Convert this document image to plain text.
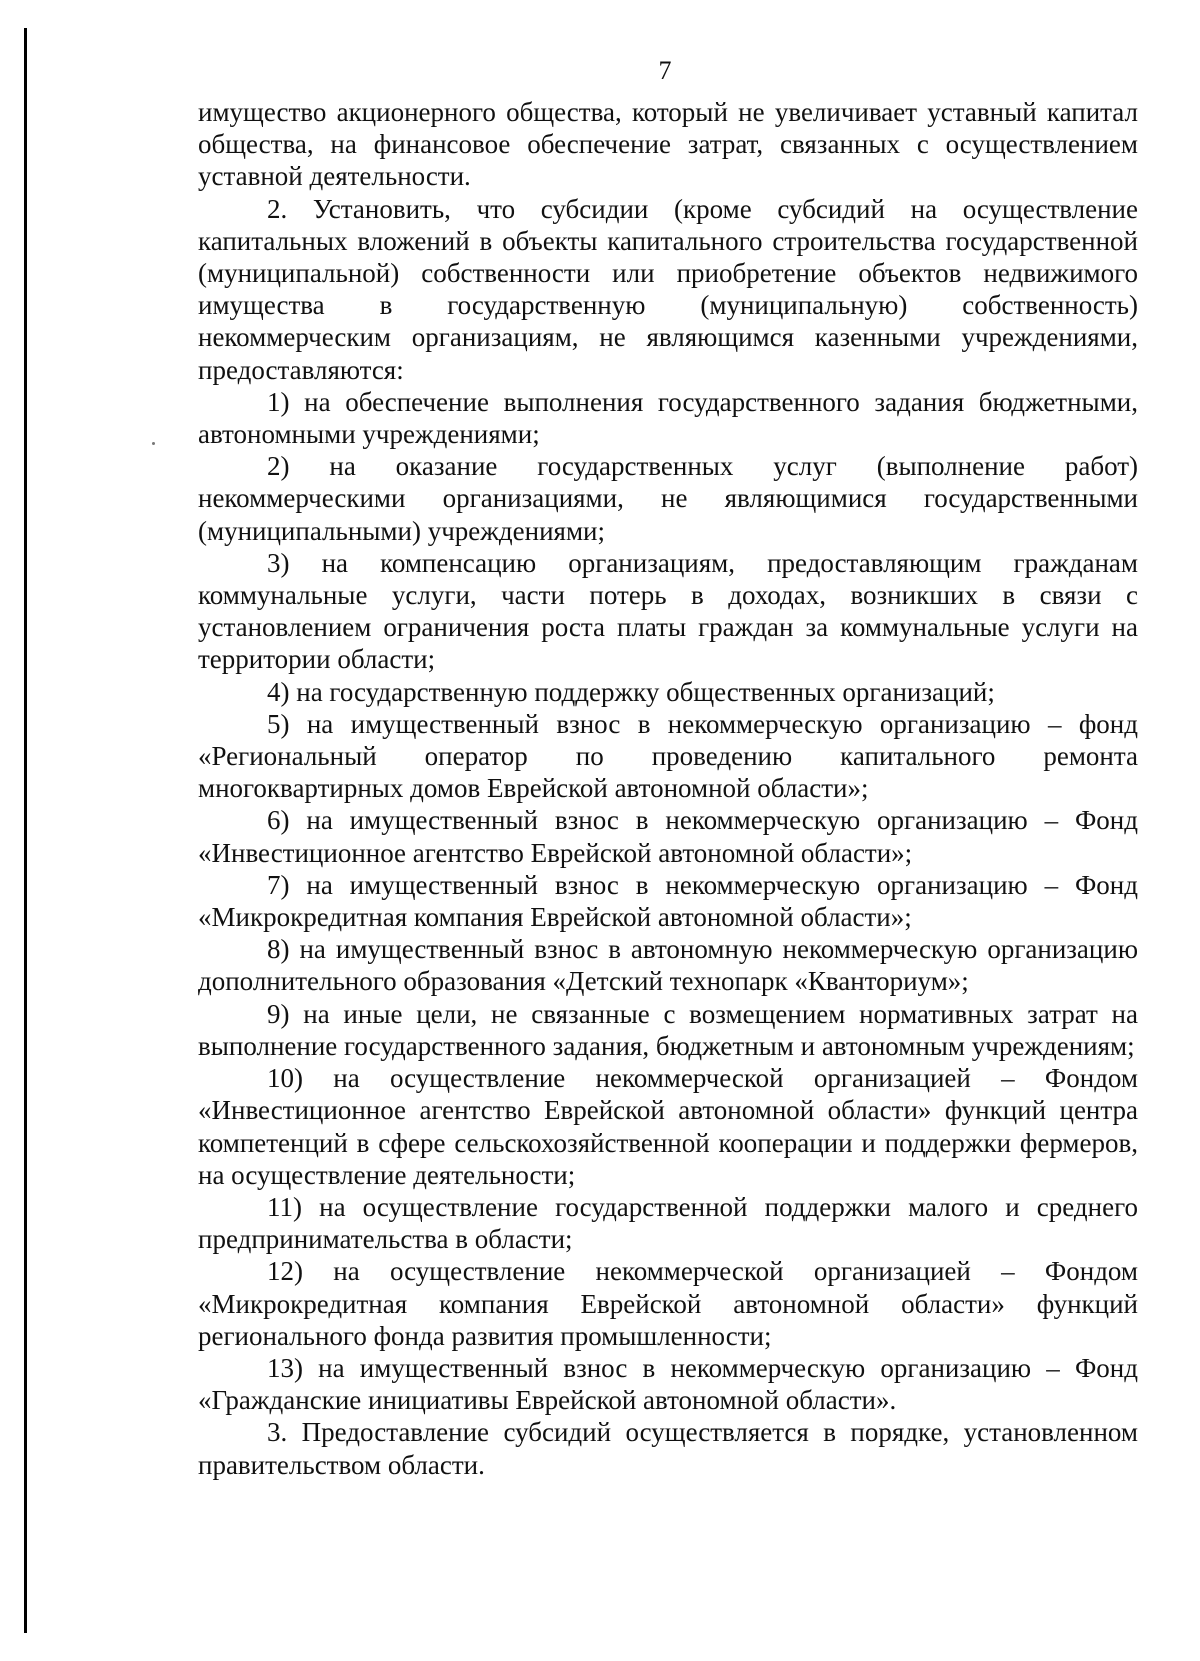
7

имущество акционерного общества, который не увеличивает уставный капитал общества, на финансовое обеспечение затрат, связанных с осуществлением уставной деятельности.

2. Установить, что субсидии (кроме субсидий на осуществление капитальных вложений в объекты капитального строительства государственной (муниципальной) собственности или приобретение объектов недвижимого имущества в государственную (муниципальную) собственность) некоммерческим организациям, не являющимся казенными учреждениями, предоставляются:

1) на обеспечение выполнения государственного задания бюджетными, автономными учреждениями;

2) на оказание государственных услуг (выполнение работ) некоммерческими организациями, не являющимися государственными (муниципальными) учреждениями;

3) на компенсацию организациям, предоставляющим гражданам коммунальные услуги, части потерь в доходах, возникших в связи с установлением ограничения роста платы граждан за коммунальные услуги на территории области;

4) на государственную поддержку общественных организаций;

5) на имущественный взнос в некоммерческую организацию – фонд «Региональный оператор по проведению капитального ремонта многоквартирных домов Еврейской автономной области»;

6) на имущественный взнос в некоммерческую организацию – Фонд «Инвестиционное агентство Еврейской автономной области»;

7) на имущественный взнос в некоммерческую организацию – Фонд «Микрокредитная компания Еврейской автономной области»;

8) на имущественный взнос в автономную некоммерческую организацию дополнительного образования «Детский технопарк «Кванториум»;

9) на иные цели, не связанные с возмещением нормативных затрат на выполнение государственного задания, бюджетным и автономным учреждениям;

10) на осуществление некоммерческой организацией – Фондом «Инвестиционное агентство Еврейской автономной области» функций центра компетенций в сфере сельскохозяйственной кооперации и поддержки фермеров, на осуществление деятельности;

11) на осуществление государственной поддержки малого и среднего предпринимательства в области;

12) на осуществление некоммерческой организацией – Фондом «Микрокредитная компания Еврейской автономной области» функций регионального фонда развития промышленности;

13) на имущественный взнос в некоммерческую организацию – Фонд «Гражданские инициативы Еврейской автономной области».

3. Предоставление субсидий осуществляется в порядке, установленном правительством области.
